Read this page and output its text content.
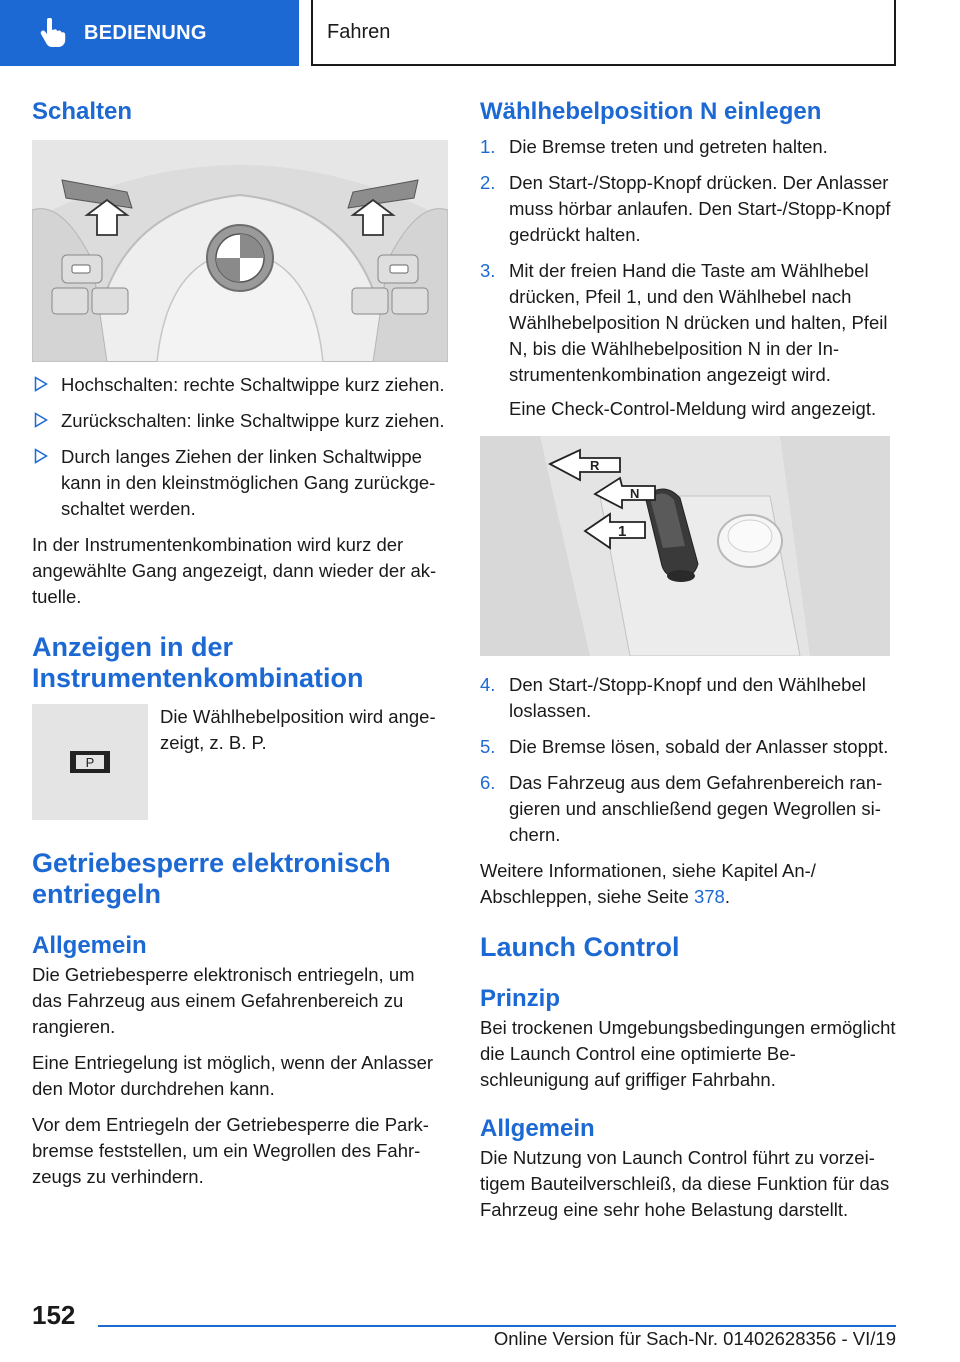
BEDIENUNG	Fahren
Schalten
Hochschalten: rechte Schaltwippe kurz ziehen.
Zurückschalten: linke Schaltwippe kurz ziehen.
Durch langes Ziehen der linken Schaltwippe kann in den kleinstmöglichen Gang zurückgeschaltet werden.

In der Instrumentenkombination wird kurz der angewählte Gang angezeigt, dann wieder der aktuelle.

Anzeigen in der Instrumentenkombination
P

Die Wählhebelposition wird angezeigt, z. B. P.

Getriebesperre elektronisch entriegeln
Allgemein

Die Getriebesperre elektronisch entriegeln, um das Fahrzeug aus einem Gefahrenbereich zu rangieren.

Eine Entriegelung ist möglich, wenn der Anlasser den Motor durchdrehen kann.

Vor dem Entriegeln der Getriebesperre die Parkbremse feststellen, um ein Wegrollen des Fahrzeugs zu verhindern.

Wählhebelposition N einlegen
1. Die Bremse treten und getreten halten.
2. Den Start-/Stopp-Knopf drücken. Der Anlasser muss hörbar anlaufen. Den Start-/Stopp-Knopf gedrückt halten.
3. Mit der freien Hand die Taste am Wählhebel drücken, Pfeil 1, und den Wählhebel nach Wählhebelposition N drücken und halten, Pfeil N, bis die Wählhebelposition N in der Instrumentenkombination angezeigt wird.
Eine Check-Control-Meldung wird angezeigt.
R
N
1
4. Den Start-/Stopp-Knopf und den Wählhebel loslassen.
5. Die Bremse lösen, sobald der Anlasser stoppt.
6. Das Fahrzeug aus dem Gefahrenbereich rangieren und anschließend gegen Wegrollen sichern.

Weitere Informationen, siehe Kapitel An-/ Abschleppen, siehe Seite 378.

Launch Control
Prinzip

Bei trockenen Umgebungsbedingungen ermöglicht die Launch Control eine optimierte Beschleunigung auf griffiger Fahrbahn.

Allgemein

Die Nutzung von Launch Control führt zu vorzeitigem Bauteilverschleiß, da diese Funktion für das Fahrzeug eine sehr hohe Belastung darstellt.

152
Online Version für Sach-Nr. 01402628356 - VI/19
